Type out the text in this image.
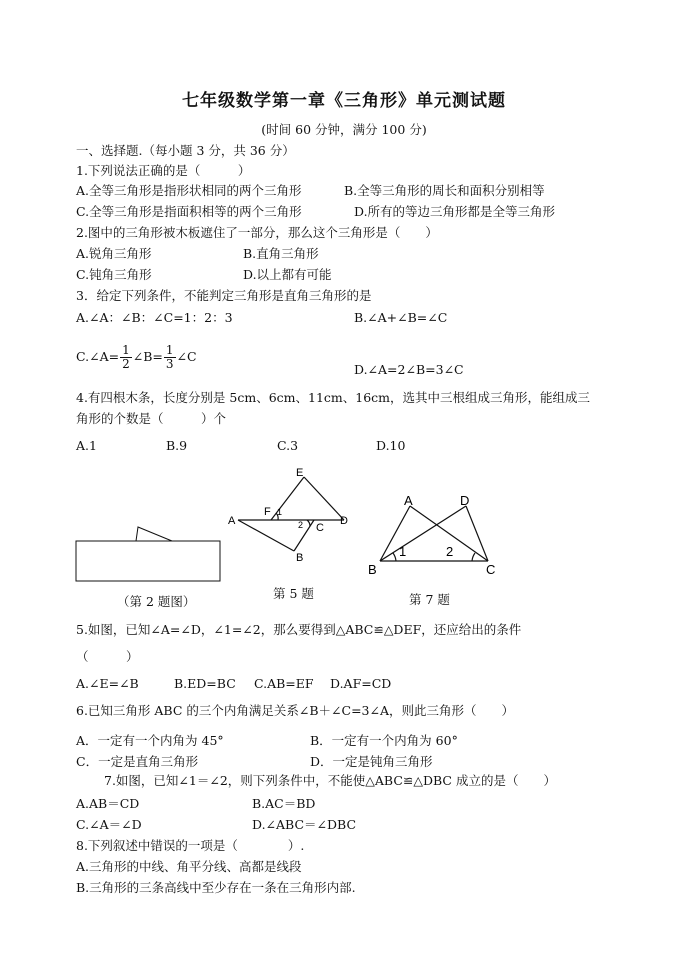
七年级数学第一章《三角形》单元测试题
(时间 60 分钟，满分 100 分)
一、选择题.（每小题 3 分，共 36 分）
1.下列说法正确的是（　　　）
A.全等三角形是指形状相同的两个三角形	B.全等三角形的周长和面积分别相等
C.全等三角形是指面积相等的两个三角形	D.所有的等边三角形都是全等三角形
2.图中的三角形被木板遮住了一部分，那么这个三角形是（　　）
A.锐角三角形	B.直角三角形
C.钝角三角形	D.以上都有可能
3．给定下列条件，不能判定三角形是直角三角形的是
A.∠A：∠B：∠C=1：2：3	B.∠A+∠B=∠C
C.∠A= $\frac{1}{2}$ ∠B= $\frac{1}{3}$ ∠C
D.∠A=2∠B=3∠C
4.有四根木条，长度分别是 5cm、6cm、11cm、16cm，选其中三根组成三角形，能组成三
角形的个数是（　　　）个
A.1	B.9	C.3	D.10
（第 2 题图）
E
F 1
A	D
2 C
B
第 5 题
A	D
1	2
B	C
第 7 题
5.如图，已知∠A=∠D，∠1=∠2，那么要得到△ABC≌△DEF，还应给出的条件
（　　　）
A.∠E=∠B	B.ED=BC C.AB=EF D.AF=CD
6.已知三角形 ABC 的三个内角满足关系∠B＋∠C=3∠A，则此三角形（　　）
A．一定有一个内角为 45°	B．一定有一个内角为 60°
C．一定是直角三角形	D．一定是钝角三角形
7.如图，已知∠1＝∠2，则下列条件中，不能使△ABC≌△DBC 成立的是（　　）
A.AB＝CD	B.AC＝BD
C.∠A＝∠D	D.∠ABC＝∠DBC
8.下列叙述中错误的一项是（　　　　）.
A.三角形的中线、角平分线、高都是线段
B.三角形的三条高线中至少存在一条在三角形内部.
